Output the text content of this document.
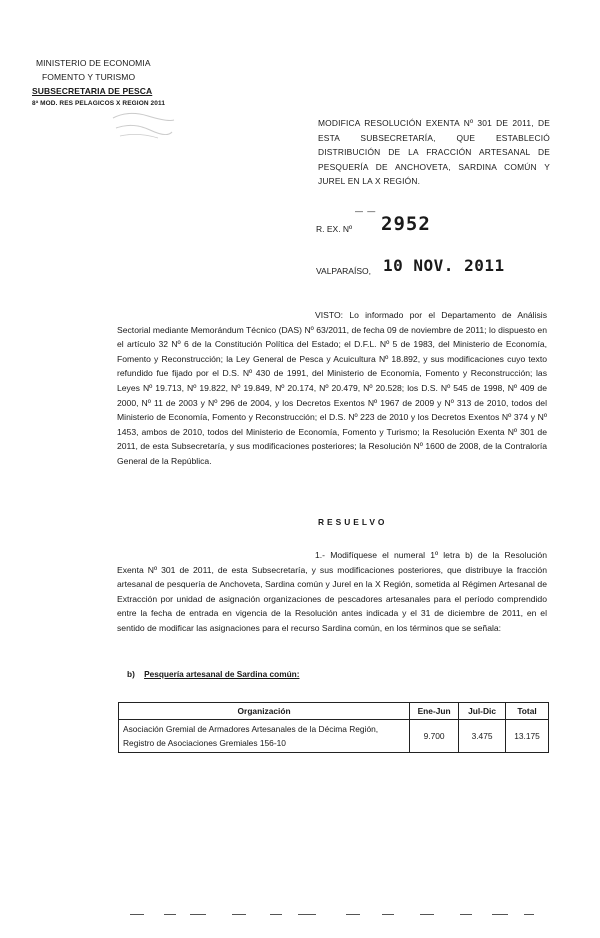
MINISTERIO DE ECONOMIA
FOMENTO Y TURISMO
SUBSECRETARIA DE PESCA
8ª MOD. RES PELAGICOS X REGION 2011
MODIFICA RESOLUCIÓN EXENTA Nº 301 DE 2011, DE ESTA SUBSECRETARÍA, QUE ESTABLECIÓ DISTRIBUCIÓN DE LA FRACCIÓN ARTESANAL DE PESQUERÍA DE ANCHOVETA, SARDINA COMÚN Y JUREL EN LA X REGIÓN.
— —
R. EX. Nº 2952
VALPARAÍSO, 10 NOV. 2011
VISTO: Lo informado por el Departamento de Análisis Sectorial mediante Memorándum Técnico (DAS) Nº 63/2011, de fecha 09 de noviembre de 2011; lo dispuesto en el artículo 32 Nº 6 de la Constitución Política del Estado; el D.F.L. Nº 5 de 1983, del Ministerio de Economía, Fomento y Reconstrucción; la Ley General de Pesca y Acuicultura Nº 18.892, y sus modificaciones cuyo texto refundido fue fijado por el D.S. Nº 430 de 1991, del Ministerio de Economía, Fomento y Reconstrucción; las Leyes Nº 19.713, Nº 19.822, Nº 19.849, Nº 20.174, Nº 20.479, Nº 20.528; los D.S. Nº 545 de 1998, Nº 409 de 2000, Nº 11 de 2003 y Nº 296 de 2004, y los Decretos Exentos Nº 1967 de 2009 y Nº 313 de 2010, todos del Ministerio de Economía, Fomento y Reconstrucción; el D.S. Nº 223 de 2010 y los Decretos Exentos Nº 374 y Nº 1453, ambos de 2010, todos del Ministerio de Economía, Fomento y Turismo; la Resolución Exenta Nº 301 de 2011, de esta Subsecretaría, y sus modificaciones posteriores; la Resolución Nº 1600 de 2008, de la Contraloría General de la República.
RESUELVO
1.- Modifíquese el numeral 1º letra b) de la Resolución Exenta Nº 301 de 2011, de esta Subsecretaría, y sus modificaciones posteriores, que distribuye la fracción artesanal de pesquería de Anchoveta, Sardina común y Jurel en la X Región, sometida al Régimen Artesanal de Extracción por unidad de asignación organizaciones de pescadores artesanales para el período comprendido entre la fecha de entrada en vigencia de la Resolución antes indicada y el 31 de diciembre de 2011, en el sentido de modificar las asignaciones para el recurso Sardina común, en los términos que se señala:
b) Pesquería artesanal de Sardina común:
Organización	Ene-Jun	Jul-Dic	Total
Asociación Gremial de Armadores Artesanales de la Décima Región, Registro de Asociaciones Gremiales 156-10	9.700	3.475	13.175
